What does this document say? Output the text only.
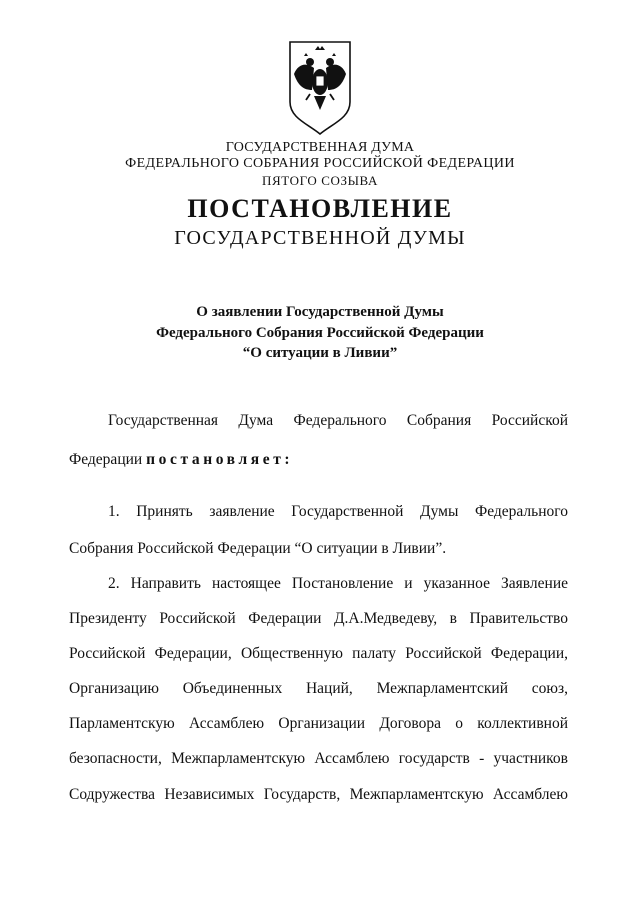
ГОСУДАРСТВЕННАЯ ДУМА
ФЕДЕРАЛЬНОГО СОБРАНИЯ РОССИЙСКОЙ ФЕДЕРАЦИИ
ПЯТОГО СОЗЫВА
ПОСТАНОВЛЕНИЕ
ГОСУДАРСТВЕННОЙ ДУМЫ
О заявлении Государственной Думы
Федерального Собрания Российской Федерации
“О ситуации в Ливии”
Государственная Дума Федерального Собрания Российской
Федерации постановляет:
1. Принять заявление Государственной Думы Федерального
Собрания Российской Федерации “О ситуации в Ливии”.
2. Направить настоящее Постановление и указанное Заявление
Президенту Российской Федерации Д.А.Медведеву, в Правительство
Российской Федерации, Общественную палату Российской Федерации,
Организацию Объединенных Наций, Межпарламентский союз,
Парламентскую Ассамблею Организации Договора о коллективной
безопасности, Межпарламентскую Ассамблею государств - участников
Содружества Независимых Государств, Межпарламентскую Ассамблею
